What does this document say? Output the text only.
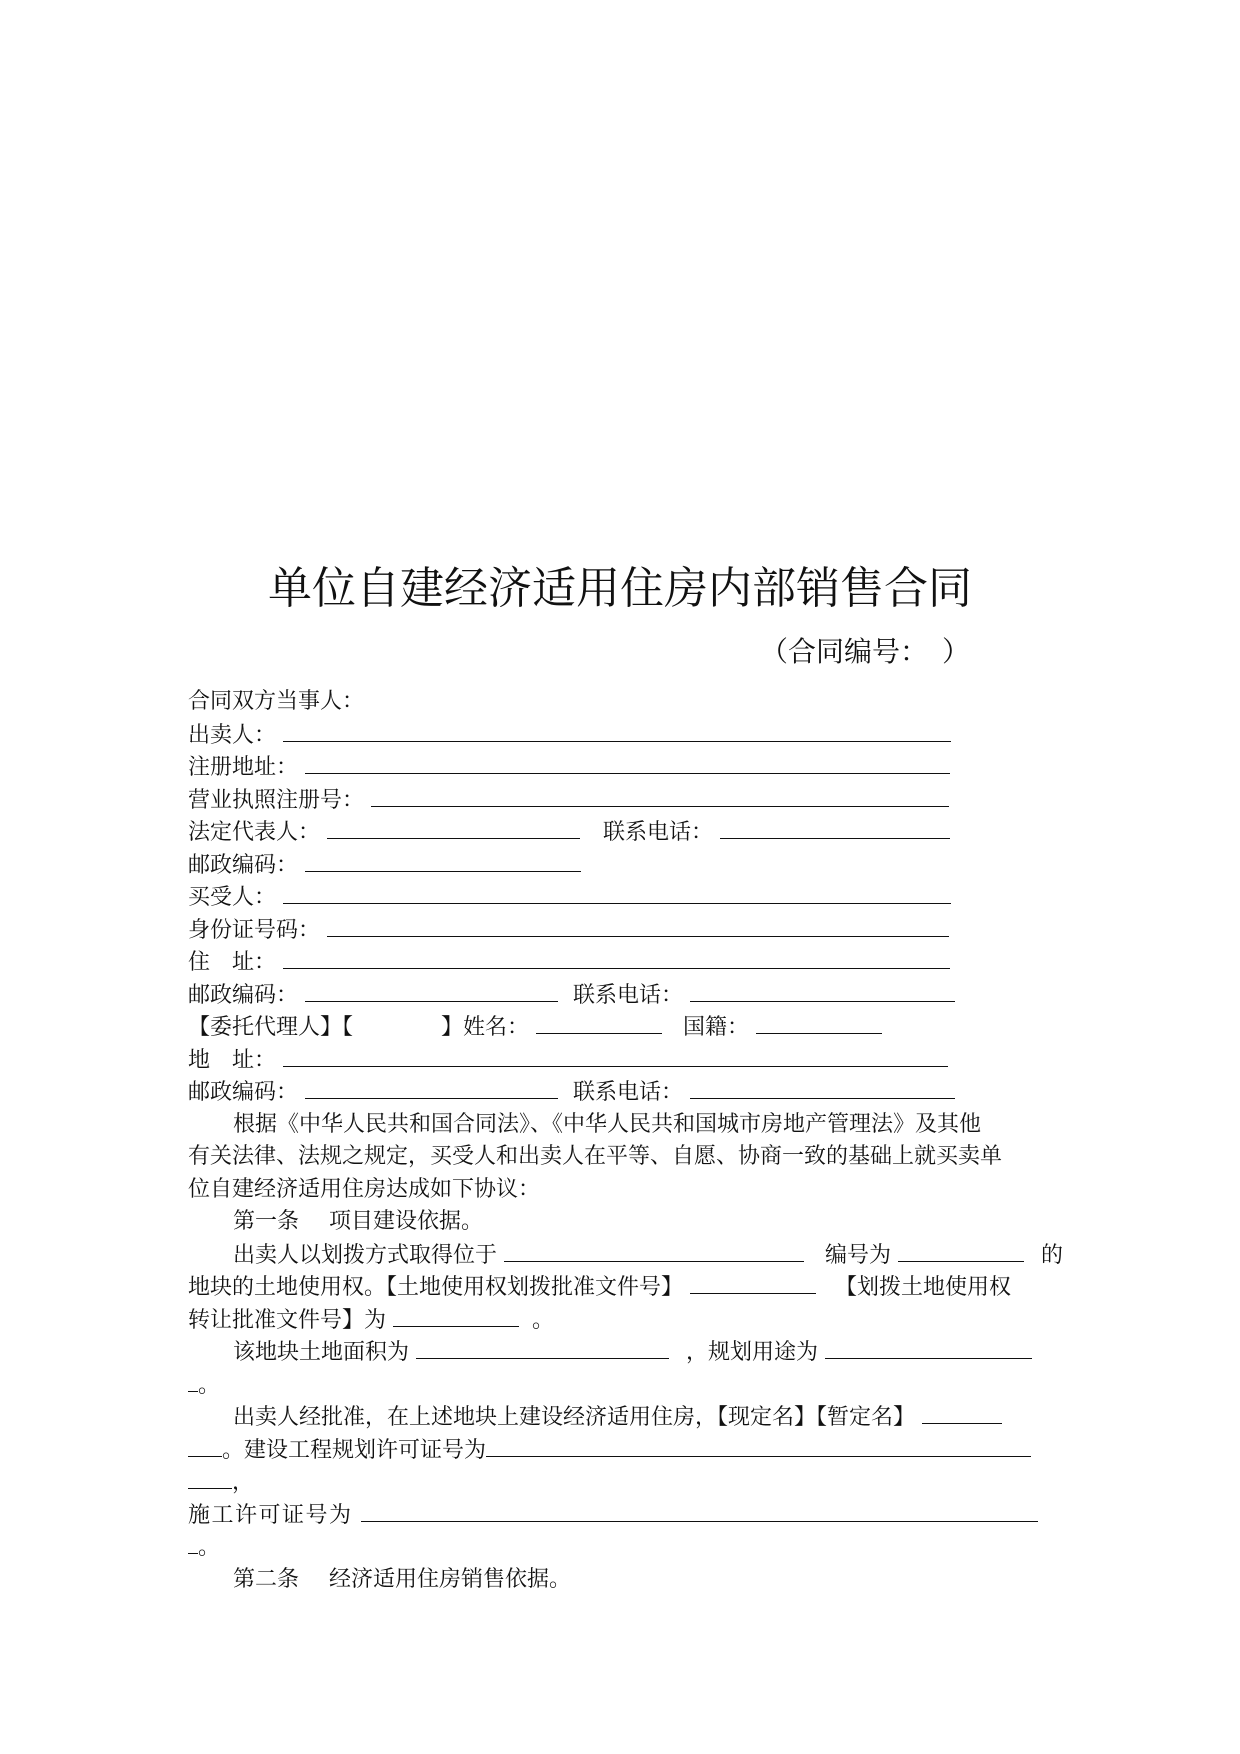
单位自建经济适用住房内部销售合同
（合同编号：　）
合同双方当事人：
出卖人：
注册地址：
营业执照注册号：
法定代表人：	联系电话：
邮政编码：
买受人：
身份证号码：
住　址：
邮政编码：	联系电话：
【委托代理人】【　　　　】姓名：	国籍：
地　址：
邮政编码：	联系电话：
根据《中华人民共和国合同法》、《中华人民共和国城市房地产管理法》及其他
有关法律、法规之规定，买受人和出卖人在平等、自愿、协商一致的基础上就买卖单
位自建经济适用住房达成如下协议：
第一条 项目建设依据。
出卖人以划拨方式取得位于	编号为	的
地块的土地使用权。【土地使用权划拨批准文件号】	【划拨土地使用权
转让批准文件号】为	。
该地块土地面积为	，规划用途为
。
出卖人经批准，在上述地块上建设经济适用住房，【现定名】【暂定名】
。建设工程规划许可证号为
，
施工许可证号为
。
第二条 经济适用住房销售依据。
